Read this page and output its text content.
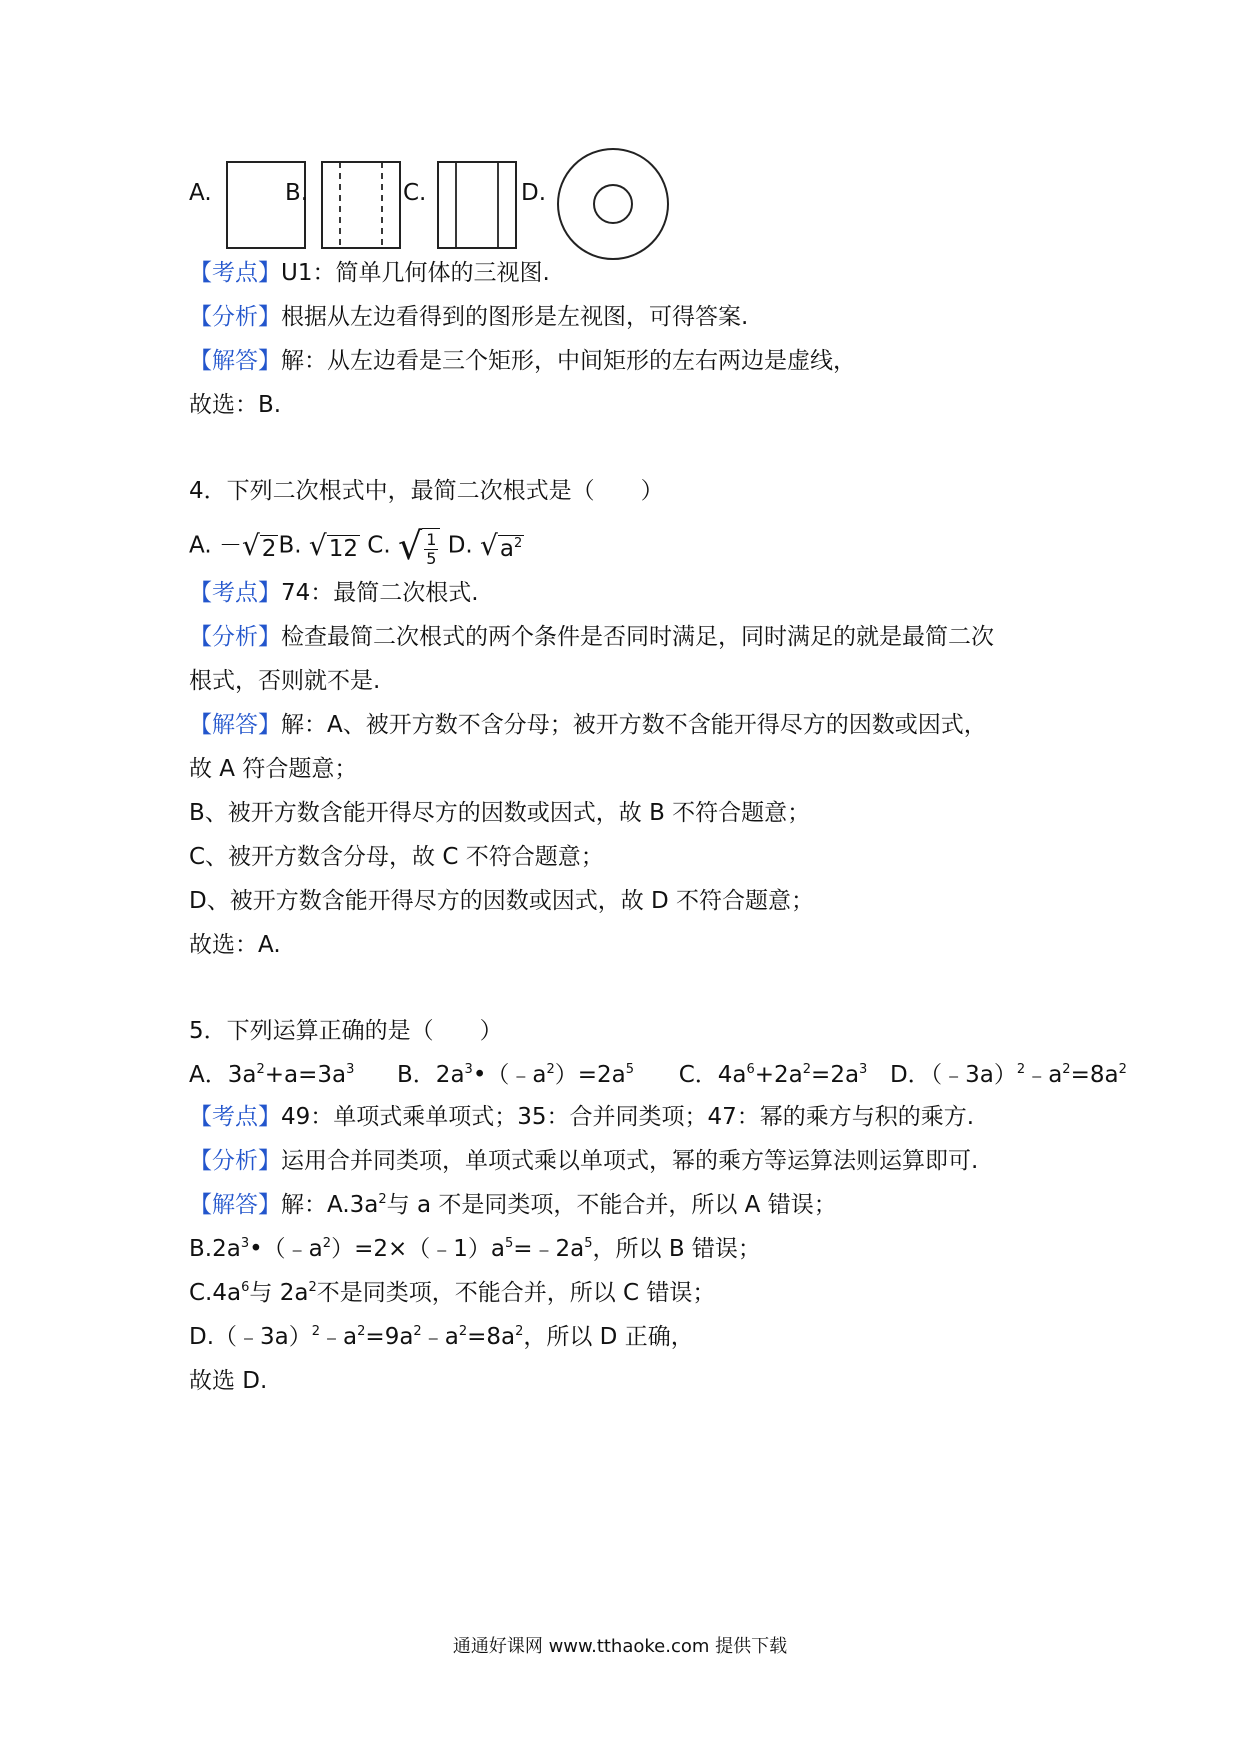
A.	B.	C.	D.
【考点】U1：简单几何体的三视图.
【分析】根据从左边看得到的图形是左视图，可得答案.
【解答】解：从左边看是三个矩形，中间矩形的左右两边是虚线，
故选：B.
4．下列二次根式中，最简二次根式是（　　）
A. － √ 2 B. √ 12 C. √ $\frac{1}{5} D$. √ $a^2$
【考点】74：最简二次根式.
【分析】检查最简二次根式的两个条件是否同时满足，同时满足的就是最简二次
根式，否则就不是.
【解答】解：A、被开方数不含分母；被开方数不含能开得尽方的因数或因式，
故 A 符合题意；
B、被开方数含能开得尽方的因数或因式，故 B 不符合题意；
C、被开方数含分母，故 C 不符合题意；
D、被开方数含能开得尽方的因数或因式，故 D 不符合题意；
故选：A.
5．下列运算正确的是（　　）
A．$3a^2+a=3a^3$ B．$2a^3•(﹣a^2)=2a^5$ C．$4a^6+2a^2=2a^3$ D．$(﹣3a)^2﹣a^2=8a^2$
【考点】49：单项式乘单项式；35：合并同类项；47：幂的乘方与积的乘方.
【分析】运用合并同类项，单项式乘以单项式，幂的乘方等运算法则运算即可.
【解答】解：$A.3a^2$与 a 不是同类项，不能合并，所以 A 错误；
$B.2a^3•(﹣a^2)=2\times(﹣1)a^5=﹣2a^5$，所以 B 错误；
$C.4a^6$与 $2a^2$不是同类项，不能合并，所以 C 错误；
$D.(﹣3a)^2﹣a^2=9a^2﹣a^2=8a^2$，所以 D 正确，
故选 D.
通通好课网 www.tthaoke.com 提供下载
